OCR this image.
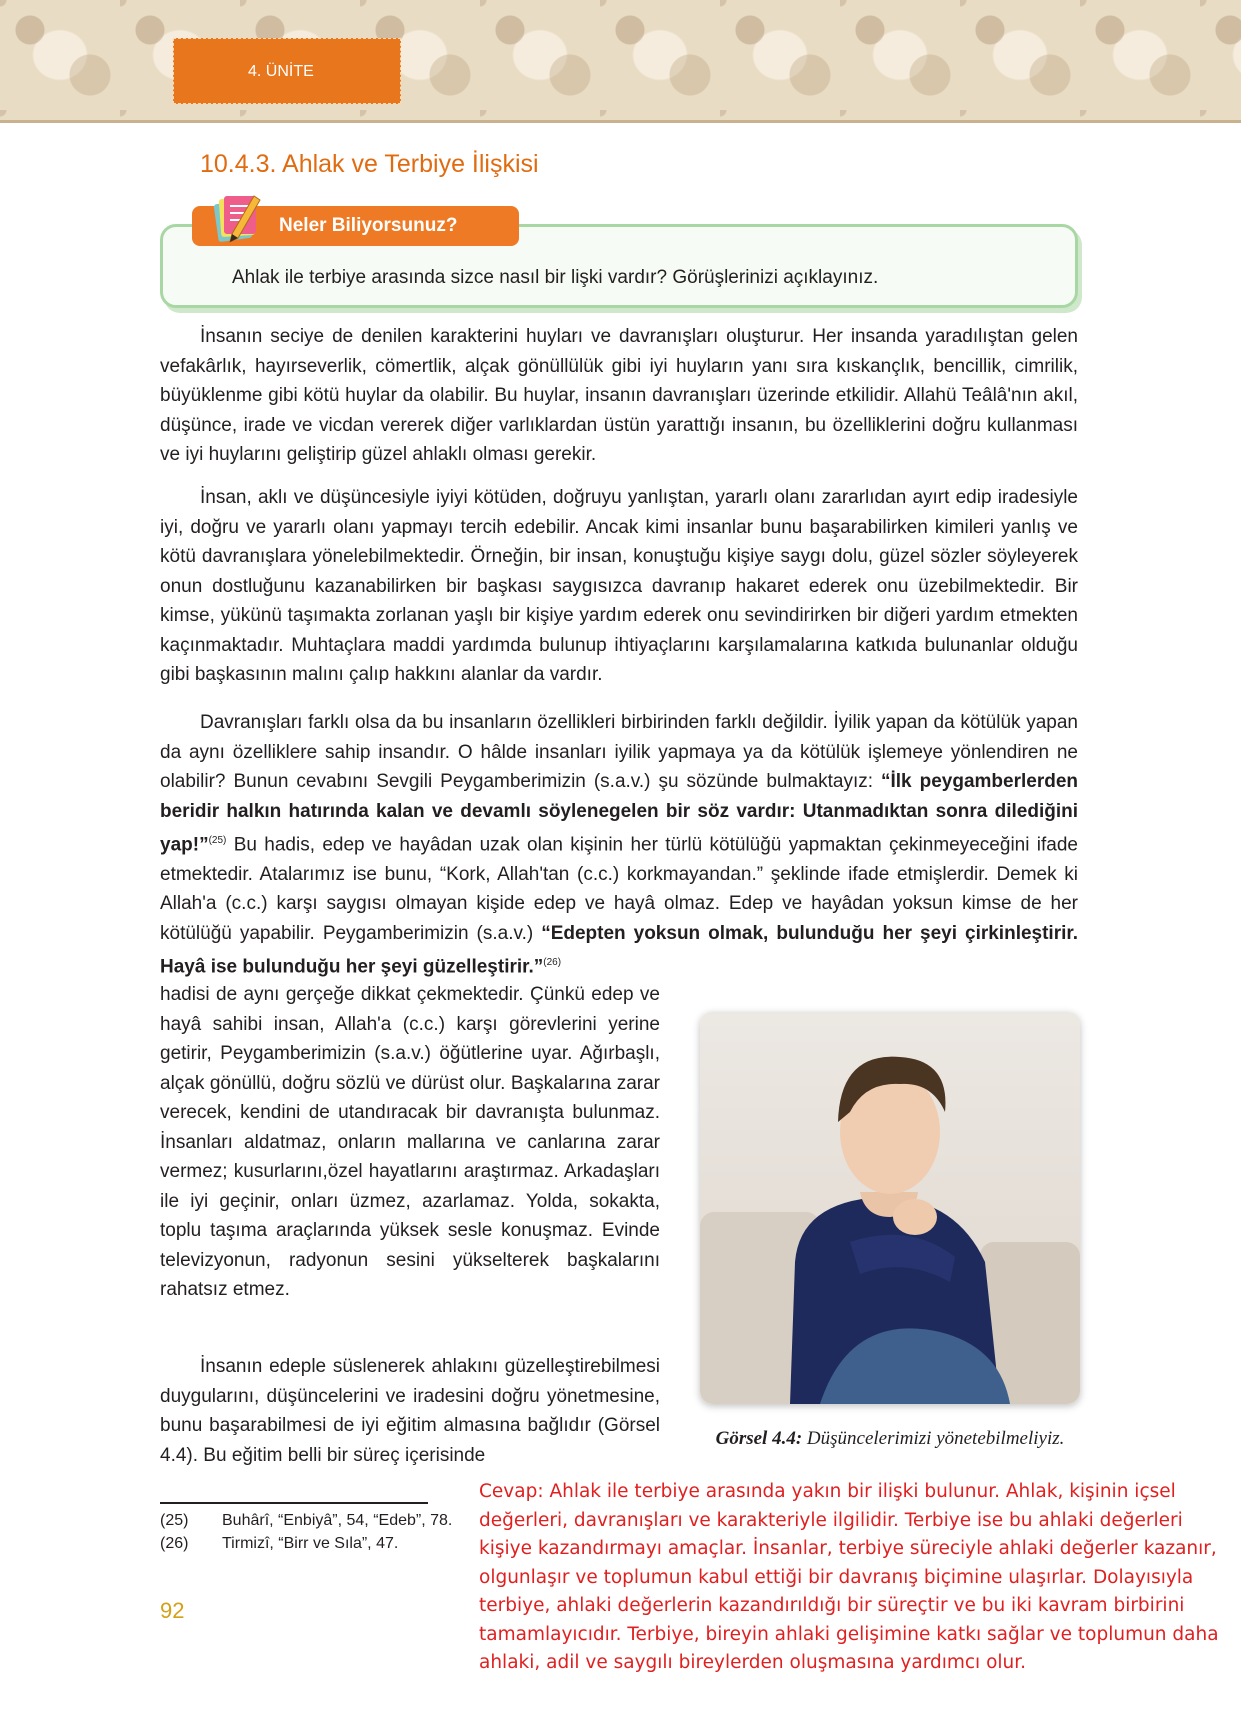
4. ÜNİTE
10.4.3. Ahlak ve Terbiye İlişkisi
Neler Biliyorsunuz?
Ahlak ile terbiye arasında sizce nasıl bir lişki vardır? Görüşlerinizi açıklayınız.

İnsanın seciye de denilen karakterini huyları ve davranışları oluşturur. Her insanda yaradılıştan gelen vefakârlık, hayırseverlik, cömertlik, alçak gönüllülük gibi iyi huyların yanı sıra kıskançlık, bencillik, cimrilik, büyüklenme gibi kötü huylar da olabilir. Bu huylar, insanın davranışları üzerinde etkilidir. Allahü Teâlâ'nın akıl, düşünce, irade ve vicdan vererek diğer varlıklardan üstün yarattığı insanın, bu özelliklerini doğru kullanması ve iyi huylarını geliştirip güzel ahlaklı olması gerekir.

İnsan, aklı ve düşüncesiyle iyiyi kötüden, doğruyu yanlıştan, yararlı olanı zararlıdan ayırt edip iradesiyle iyi, doğru ve yararlı olanı yapmayı tercih edebilir. Ancak kimi insanlar bunu başarabilirken kimileri yanlış ve kötü davranışlara yönelebilmektedir. Örneğin, bir insan, konuştuğu kişiye saygı dolu, güzel sözler söyleyerek onun dostluğunu kazanabilirken bir başkası saygısızca davranıp hakaret ederek onu üzebilmektedir. Bir kimse, yükünü taşımakta zorlanan yaşlı bir kişiye yardım ederek onu sevindirirken bir diğeri yardım etmekten kaçınmaktadır. Muhtaçlara maddi yardımda bulunup ihtiyaçlarını karşılamalarına katkıda bulunanlar olduğu gibi başkasının malını çalıp hakkını alanlar da vardır.

Davranışları farklı olsa da bu insanların özellikleri birbirinden farklı değildir. İyilik yapan da kötülük yapan da aynı özelliklere sahip insandır. O hâlde insanları iyilik yapmaya ya da kötülük işlemeye yönlendiren ne olabilir? Bunun cevabını Sevgili Peygamberimizin (s.a.v.) şu sözünde bulmaktayız: “İlk peygamberlerden beridir halkın hatırında kalan ve devamlı söylenegelen bir söz vardır: Utanmadıktan sonra dilediğini yap!”$^{(25)}$ Bu hadis, edep ve hayâdan uzak olan kişinin her türlü kötülüğü yapmaktan çekinmeyeceğini ifade etmektedir. Atalarımız ise bunu, “Kork, Allah'tan (c.c.) korkmayandan.” şeklinde ifade etmişlerdir. Demek ki Allah'a (c.c.) karşı saygısı olmayan kişide edep ve hayâ olmaz. Edep ve hayâdan yoksun kimse de her kötülüğü yapabilir. Peygamberimizin (s.a.v.) “Edepten yoksun olmak, bulunduğu her şeyi çirkinleştirir. Hayâ ise bulunduğu her şeyi güzelleştirir.”$^{(26)}$

hadisi de aynı gerçeğe dikkat çekmektedir. Çünkü edep ve hayâ sahibi insan, Allah'a (c.c.) karşı görevlerini yerine getirir, Peygamberimizin (s.a.v.) öğütlerine uyar. Ağırbaşlı, alçak gönüllü, doğru sözlü ve dürüst olur. Başkalarına zarar verecek, kendini de utandıracak bir davranışta bulunmaz. İnsanları aldatmaz, onların mallarına ve canlarına zarar vermez; kusurlarını,özel hayatlarını araştırmaz. Arkadaşları ile iyi geçinir, onları üzmez, azarlamaz. Yolda, sokakta, toplu taşıma araçlarında yüksek sesle konuşmaz. Evinde televizyonun, radyonun sesini yükselterek başkalarını rahatsız etmez.

İnsanın edeple süslenerek ahlakını güzelleştirebilmesi duygularını, düşüncelerini ve iradesini doğru yönetmesine, bunu başarabilmesi de iyi eğitim almasına bağlıdır (Görsel 4.4). Bu eğitim belli bir süreç içerisinde

Görsel 4.4: Düşüncelerimizi yönetebilmeliyiz.
(25) Buhârî, “Enbiyâ”, 54, “Edeb”, 78.
(26) Tirmizî, “Birr ve Sıla”, 47.
92

Cevap: Ahlak ile terbiye arasında yakın bir ilişki bulunur. Ahlak, kişinin içsel değerleri, davranışları ve karakteriyle ilgilidir. Terbiye ise bu ahlaki değerleri kişiye kazandırmayı amaçlar. İnsanlar, terbiye süreciyle ahlaki değerler kazanır, olgunlaşır ve toplumun kabul ettiği bir davranış biçimine ulaşırlar. Dolayısıyla terbiye, ahlaki değerlerin kazandırıldığı bir süreçtir ve bu iki kavram birbirini tamamlayıcıdır. Terbiye, bireyin ahlaki gelişimine katkı sağlar ve toplumun daha ahlaki, adil ve saygılı bireylerden oluşmasına yardımcı olur.
